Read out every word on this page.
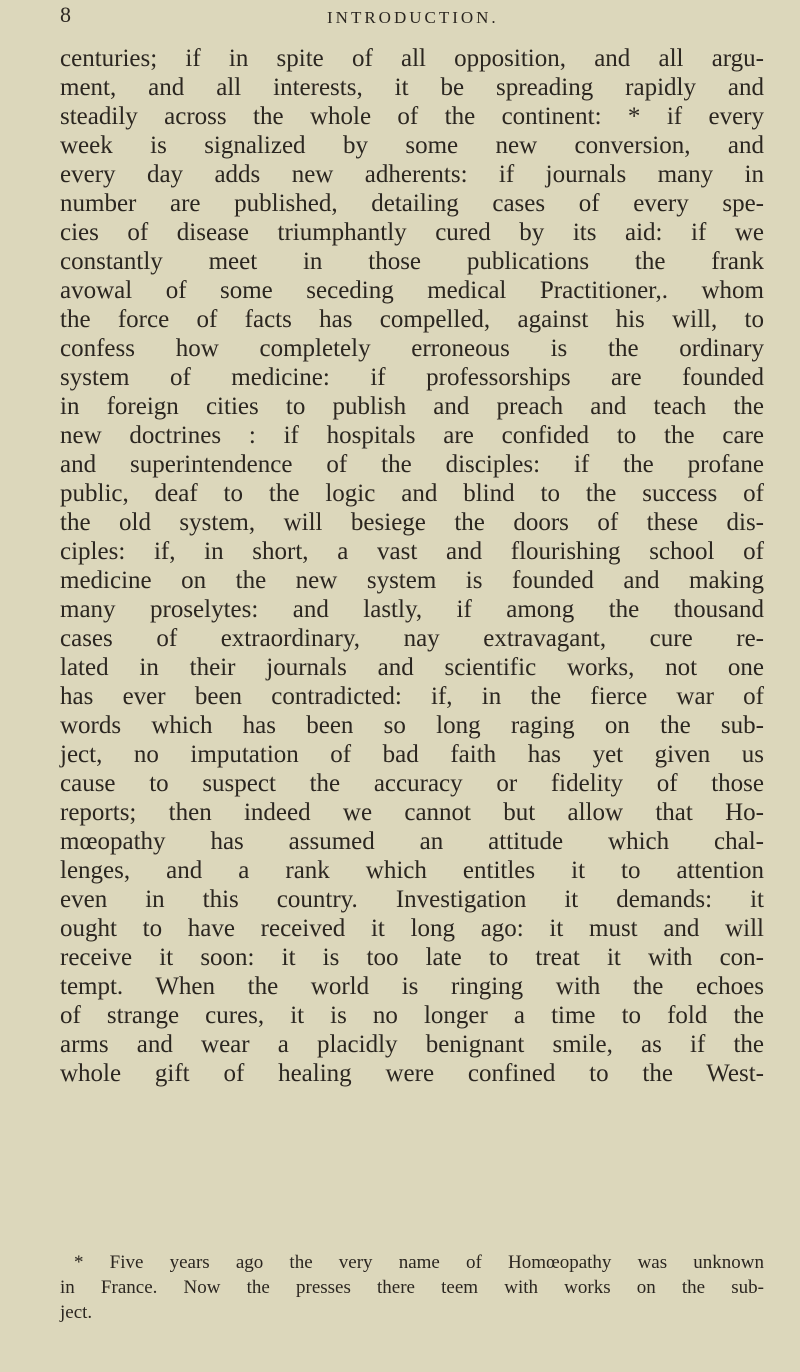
8	INTRODUCTION.
centuries; if in spite of all opposition, and all argu-
ment, and all interests, it be spreading rapidly and
steadily across the whole of the continent: * if every
week is signalized by some new conversion, and
every day adds new adherents: if journals many in
number are published, detailing cases of every spe-
cies of disease triumphantly cured by its aid: if we
constantly meet in those publications the frank
avowal of some seceding medical Practitioner,. whom
the force of facts has compelled, against his will, to
confess how completely erroneous is the ordinary
system of medicine: if professorships are founded
in foreign cities to publish and preach and teach the
new doctrines : if hospitals are confided to the care
and superintendence of the disciples: if the profane
public, deaf to the logic and blind to the success of
the old system, will besiege the doors of these dis-
ciples: if, in short, a vast and flourishing school of
medicine on the new system is founded and making
many proselytes: and lastly, if among the thousand
cases of extraordinary, nay extravagant, cure re-
lated in their journals and scientific works, not one
has ever been contradicted: if, in the fierce war of
words which has been so long raging on the sub-
ject, no imputation of bad faith has yet given us
cause to suspect the accuracy or fidelity of those
reports; then indeed we cannot but allow that Ho-
mœopathy has assumed an attitude which chal-
lenges, and a rank which entitles it to attention
even in this country. Investigation it demands: it
ought to have received it long ago: it must and will
receive it soon: it is too late to treat it with con-
tempt. When the world is ringing with the echoes
of strange cures, it is no longer a time to fold the
arms and wear a placidly benignant smile, as if the
whole gift of healing were confined to the West-
* Five years ago the very name of Homœopathy was unknown
in France. Now the presses there teem with works on the sub-
ject.
